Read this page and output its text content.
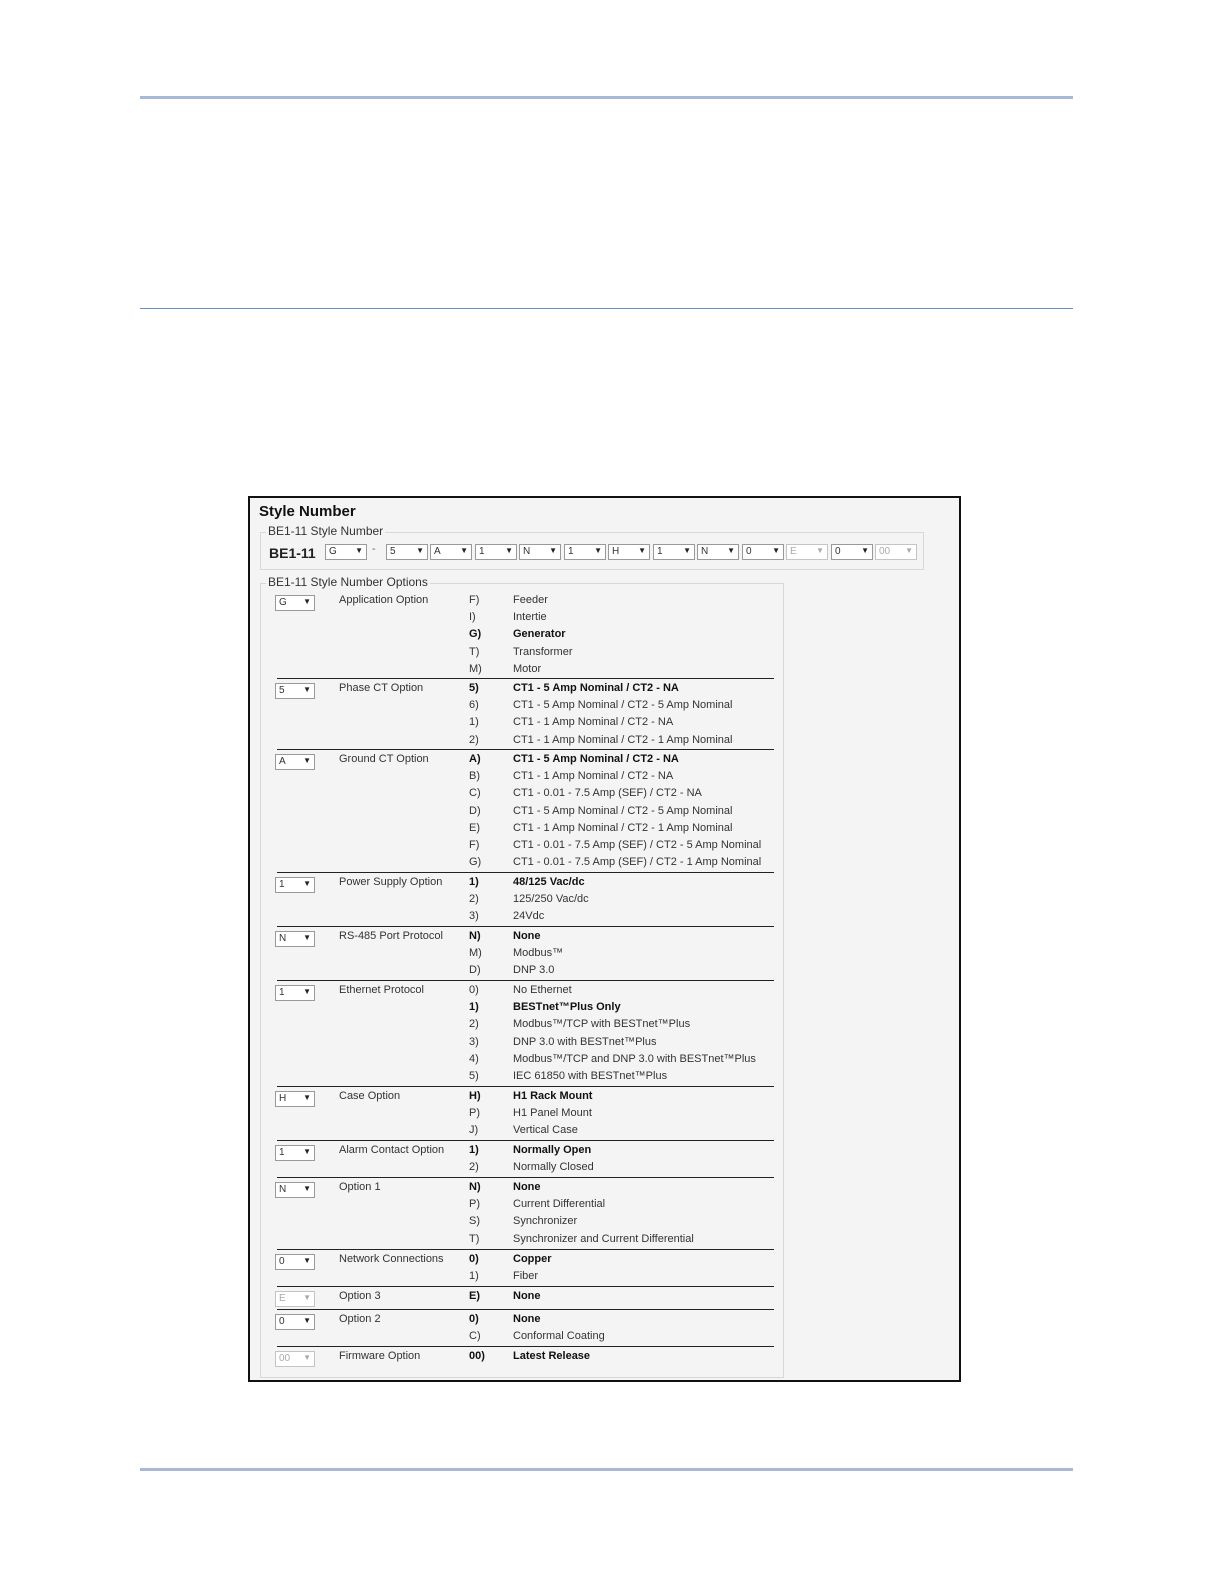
Style Number
BE1-11 Style Number
BE1-11	-
G ▼	5	▼ A ▼ 1	▼ N ▼ 1	▼ H ▼ 1	▼ N ▼ 0	▼ E ▼ 0	▼ 00 ▼
BE1-11 Style Number Options
G ▼	Application Option	F)	Feeder
I)	Intertie
G)	Generator
T)	Transformer
M)	Motor
5 ▼	Phase CT Option	5)	CT1 - 5 Amp Nominal / CT2 - NA
6)	CT1 - 5 Amp Nominal / CT2 - 5 Amp Nominal
1)	CT1 - 1 Amp Nominal / CT2 - NA
2)	CT1 - 1 Amp Nominal / CT2 - 1 Amp Nominal
A ▼	Ground CT Option	A)	CT1 - 5 Amp Nominal / CT2 - NA
B)	CT1 - 1 Amp Nominal / CT2 - NA
C)	CT1 - 0.01 - 7.5 Amp (SEF) / CT2 - NA
D)	CT1 - 5 Amp Nominal / CT2 - 5 Amp Nominal
E)	CT1 - 1 Amp Nominal / CT2 - 1 Amp Nominal
F)	CT1 - 0.01 - 7.5 Amp (SEF) / CT2 - 5 Amp Nominal
G)	CT1 - 0.01 - 7.5 Amp (SEF) / CT2 - 1 Amp Nominal
1 ▼	Power Supply Option 1)	48/125 Vac/dc
2)	125/250 Vac/dc
3)	24Vdc
N ▼	RS-485 Port Protocol N)	None
M)	Modbus™
D)	DNP 3.0
1 ▼	Ethernet Protocol	0)	No Ethernet
1)	BESTnet™Plus Only
2)	Modbus™/TCP with BESTnet™Plus
3)	DNP 3.0 with BESTnet™Plus
4)	Modbus™/TCP and DNP 3.0 with BESTnet™Plus
5)	IEC 61850 with BESTnet™Plus
H ▼	Case Option	H)	H1 Rack Mount
P)	H1 Panel Mount
J)	Vertical Case
1 ▼	Alarm Contact Option 1)	Normally Open
2)	Normally Closed
N ▼	Option 1	N)	None
P)	Current Differential
S)	Synchronizer
T)	Synchronizer and Current Differential
0 ▼	Network Connections 0)	Copper
1)	Fiber
E ▼	Option 3	E)	None
0 ▼	Option 2	0)	None
C)	Conformal Coating
00 ▼	Firmware Option	00)	Latest Release
